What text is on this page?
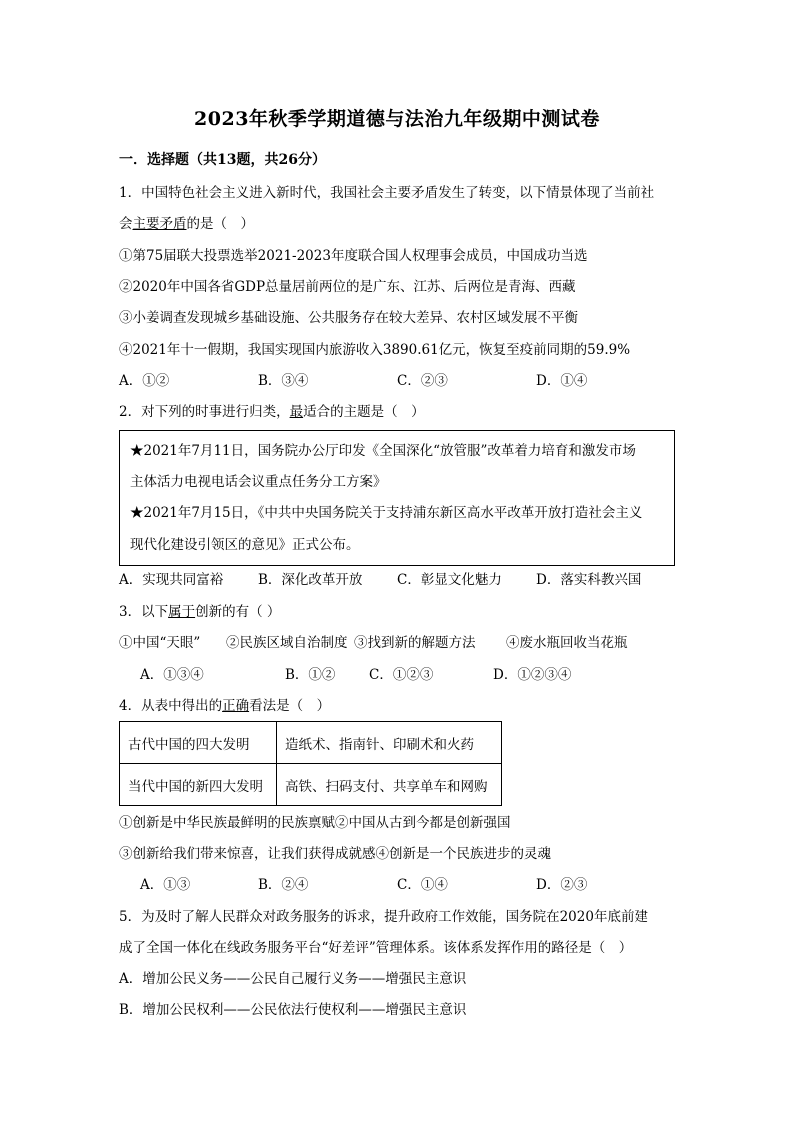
2023年秋季学期道德与法治九年级期中测试卷
一．选择题（共13题，共26分）
1．中国特色社会主义进入新时代，我国社会主要矛盾发生了转变，以下情景体现了当前社
会主要矛盾的是（　）
①第75届联大投票选举2021-2023年度联合国人权理事会成员，中国成功当选
②2020年中国各省GDP总量居前两位的是广东、江苏、后两位是青海、西藏
③小姜调查发现城乡基础设施、公共服务存在较大差异、农村区域发展不平衡
④2021年十一假期，我国实现国内旅游收入3890.61亿元，恢复至疫前同期的59.9%
A．①②	B．③④	C．②③	D．①④
2．对下列的时事进行归类，最适合的主题是（　）
★2021年7月11日，国务院办公厅印发《全国深化“放管服”改革着力培育和激发市场
主体活力电视电话会议重点任务分工方案》
★2021年7月15日，《中共中央国务院关于支持浦东新区高水平改革开放打造社会主义
现代化建设引领区的意见》正式公布。
A．实现共同富裕	B．深化改革开放	C．彰显文化魅力	D．落实科教兴国
3．以下属于创新的有（ ）
①中国“天眼” ②民族区域自治制度 ③找到新的解题方法 ④废水瓶回收当花瓶
A．①③④	B．①② C．①②③	D．①②③④
4．从表中得出的正确看法是（　）
古代中国的四大发明	造纸术、指南针、印刷术和火药
当代中国的新四大发明	高铁、扫码支付、共享单车和网购
①创新是中华民族最鲜明的民族禀赋②中国从古到今都是创新强国
③创新给我们带来惊喜，让我们获得成就感④创新是一个民族进步的灵魂
A．①③	B．②④	C．①④	D．②③
5．为及时了解人民群众对政务服务的诉求，提升政府工作效能，国务院在2020年底前建
成了全国一体化在线政务服务平台“好差评”管理体系。该体系发挥作用的路径是（　）
A．增加公民义务——公民自己履行义务——增强民主意识
B．增加公民权利——公民依法行使权利——增强民主意识
